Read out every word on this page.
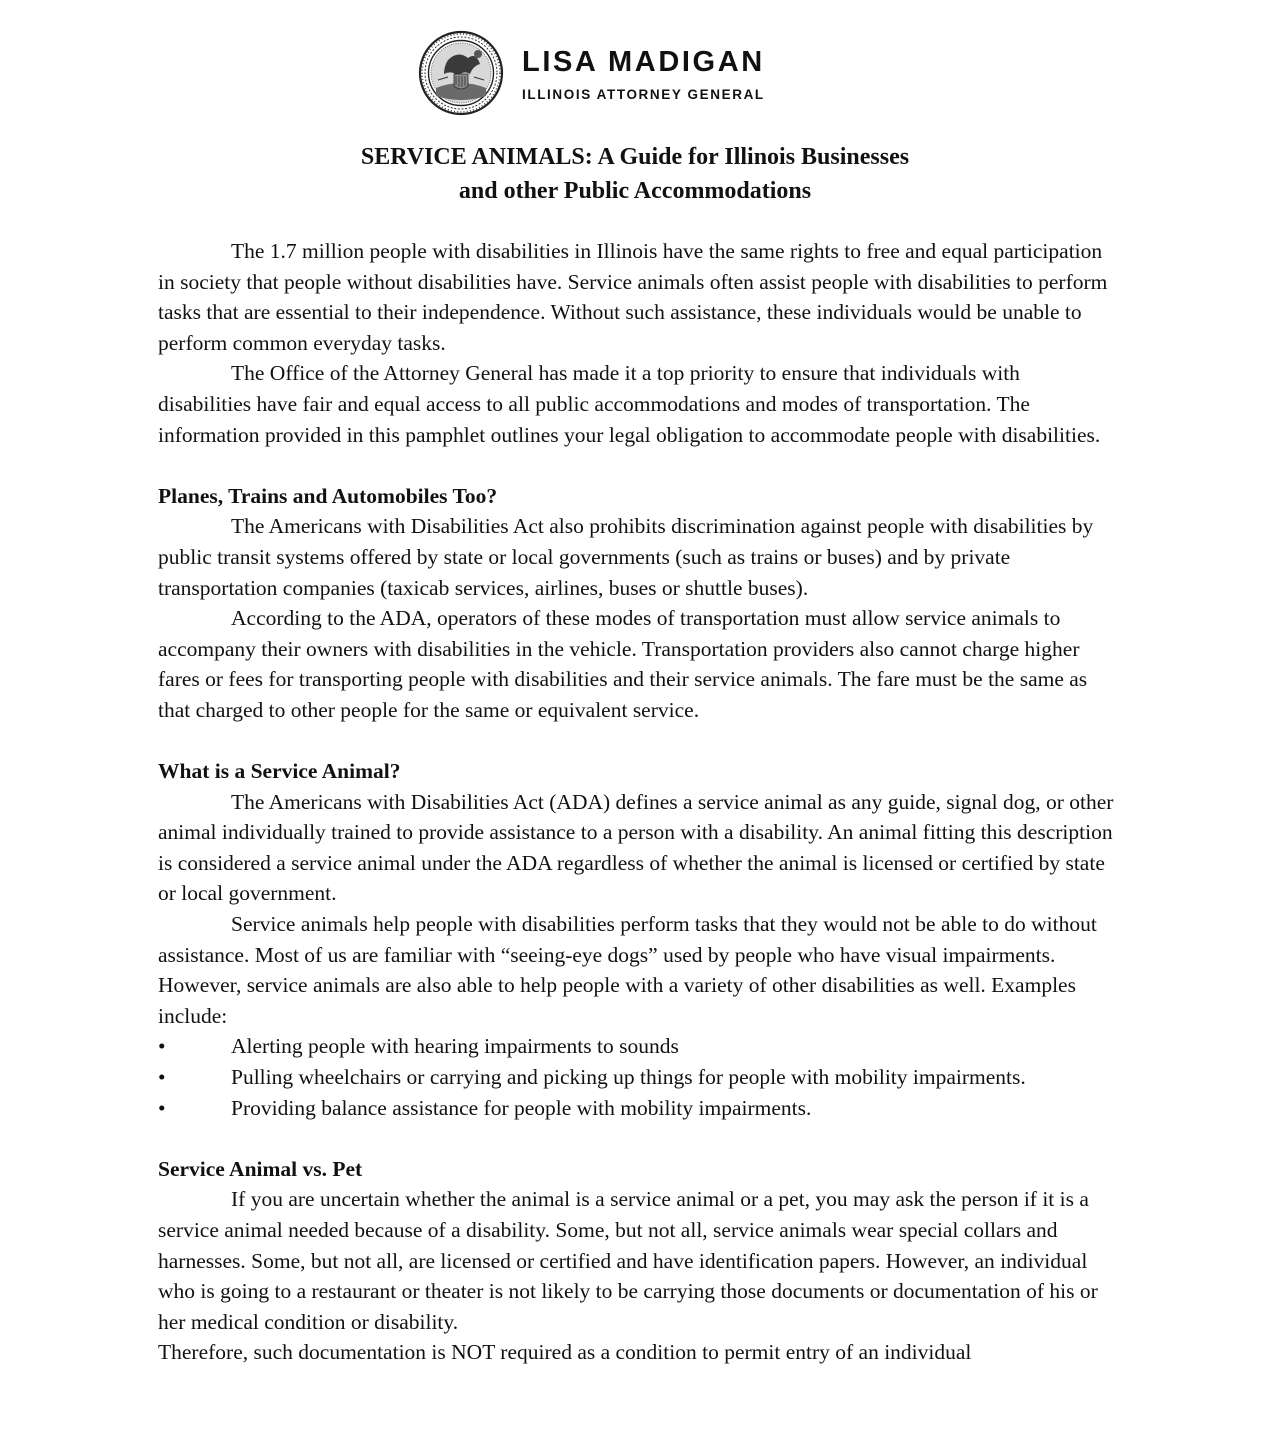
LISA MADIGAN
ILLINOIS ATTORNEY GENERAL
SERVICE ANIMALS: A Guide for Illinois Businesses
and other Public Accommodations

The 1.7 million people with disabilities in Illinois have the same rights to free and equal participation in society that people without disabilities have. Service animals often assist people with disabilities to perform tasks that are essential to their independence. Without such assistance, these individuals would be unable to perform common everyday tasks.

The Office of the Attorney General has made it a top priority to ensure that individuals with disabilities have fair and equal access to all public accommodations and modes of transportation. The information provided in this pamphlet outlines your legal obligation to accommodate people with disabilities.

Planes, Trains and Automobiles Too?

The Americans with Disabilities Act also prohibits discrimination against people with disabilities by public transit systems offered by state or local governments (such as trains or buses) and by private transportation companies (taxicab services, airlines, buses or shuttle buses).

According to the ADA, operators of these modes of transportation must allow service animals to accompany their owners with disabilities in the vehicle. Transportation providers also cannot charge higher fares or fees for transporting people with disabilities and their service animals. The fare must be the same as that charged to other people for the same or equivalent service.

What is a Service Animal?

The Americans with Disabilities Act (ADA) defines a service animal as any guide, signal dog, or other animal individually trained to provide assistance to a person with a disability. An animal fitting this description is considered a service animal under the ADA regardless of whether the animal is licensed or certified by state or local government.

Service animals help people with disabilities perform tasks that they would not be able to do without assistance. Most of us are familiar with “seeing-eye dogs” used by people who have visual impairments. However, service animals are also able to help people with a variety of other disabilities as well. Examples include:

•	Alerting people with hearing impairments to sounds
•	Pulling wheelchairs or carrying and picking up things for people with mobility impairments.
•	Providing balance assistance for people with mobility impairments.
Service Animal vs. Pet

If you are uncertain whether the animal is a service animal or a pet, you may ask the person if it is a service animal needed because of a disability. Some, but not all, service animals wear special collars and harnesses. Some, but not all, are licensed or certified and have identification papers. However, an individual who is going to a restaurant or theater is not likely to be carrying those documents or documentation of his or her medical condition or disability.

Therefore, such documentation is NOT required as a condition to permit entry of an individual
